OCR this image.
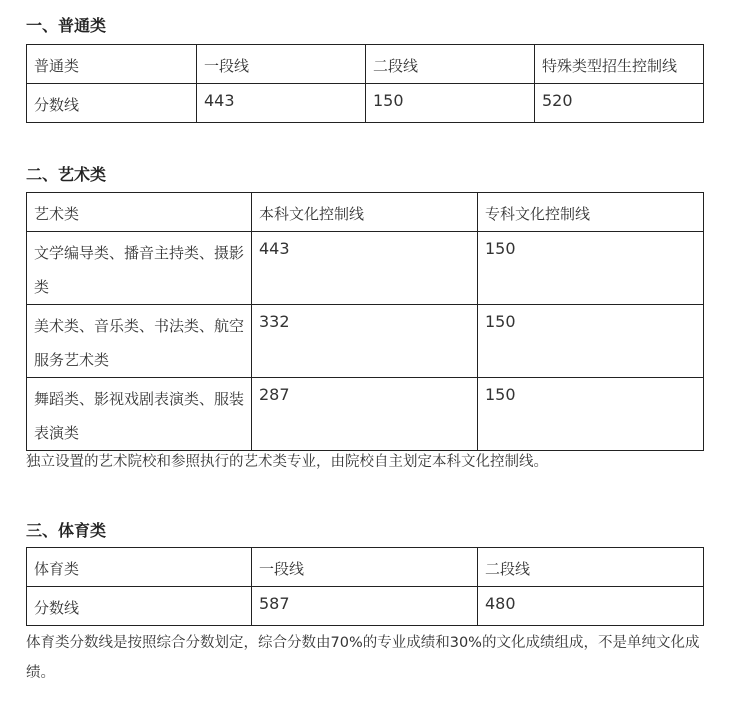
一、普通类
普通类	一段线	二段线	特殊类型招生控制线
分数线	443	150	520
二、艺术类
艺术类	本科文化控制线	专科文化控制线
文学编导类、播音主持类、摄影类	443	150
美术类、音乐类、书法类、航空服务艺术类	332	150
舞蹈类、影视戏剧表演类、服装表演类	287	150
独立设置的艺术院校和参照执行的艺术类专业，由院校自主划定本科文化控制线。
三、体育类
体育类	一段线	二段线
分数线	587	480
体育类分数线是按照综合分数划定，综合分数由70%的专业成绩和30%的文化成绩组成，不是单纯文化成绩。
